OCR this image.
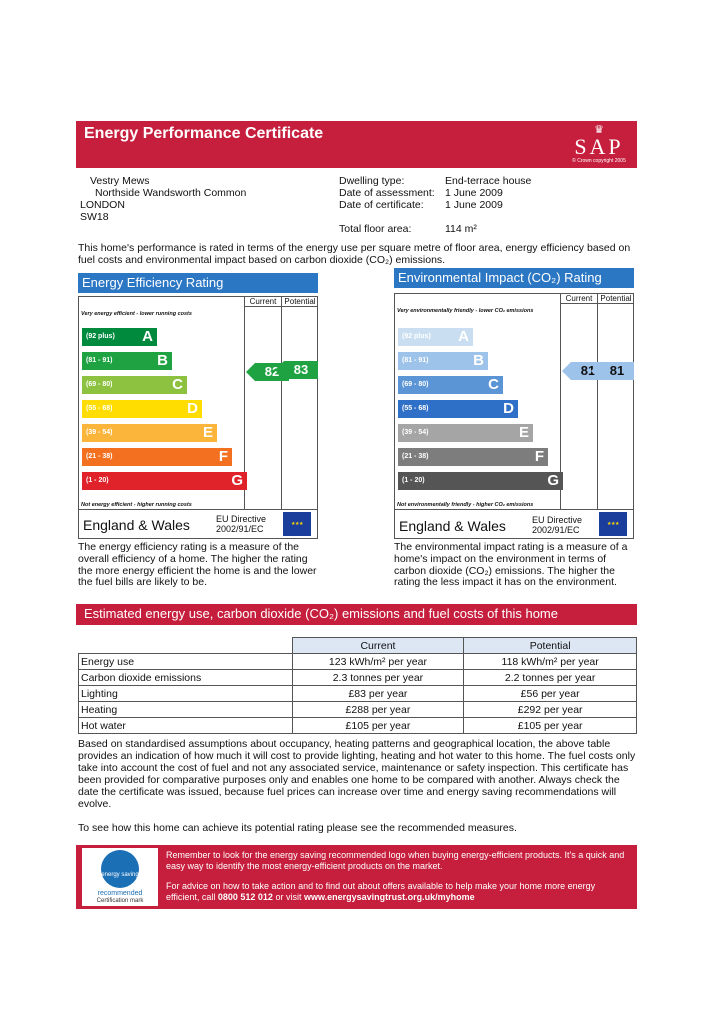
Energy Performance Certificate	♛
SAP
© Crown copyright 2005
Vestry Mews
Northside Wandsworth Common
LONDON
SW18
Dwelling type:	End-terrace house
Date of assessment: 1 June 2009
Date of certificate: 1 June 2009
Total floor area:	114 m²
This home's performance is rated in terms of the energy use per square metre of floor area, energy efficiency based on fuel costs and environmental impact based on carbon dioxide (CO₂) emissions.
Energy Efficiency Rating
Current	Potential
Very energy efficient - lower running costs
(92 plus) A
(81 - 91)	B
(69 - 80)	C
(55 - 68)	D
(39 - 54)	E
(21 - 38)	F
(1 - 20)	G
82	83
Not energy efficient - higher running costs
England & Wales	EU Directive
2002/91/EC	★★★
The energy efficiency rating is a measure of the overall efficiency of a home. The higher the rating the more energy efficient the home is and the lower the fuel bills are likely to be.
Environmental Impact (CO₂) Rating
Current	Potential
Very environmentally friendly - lower CO₂ emissions
(92 plus) A
(81 - 91)	B
(69 - 80)	C
(55 - 68)	D
(39 - 54)	E
(21 - 38)	F
(1 - 20)	G
81	81
Not environmentally friendly - higher CO₂ emissions
England & Wales	EU Directive
2002/91/EC
★★★
The environmental impact rating is a measure of a home's impact on the environment in terms of carbon dioxide (CO₂) emissions. The higher the rating the less impact it has on the environment.
Estimated energy use, carbon dioxide (CO₂) emissions and fuel costs of this home
	Current	Potential
Energy use	123 kWh/m² per year	118 kWh/m² per year
Carbon dioxide emissions	2.3 tonnes per year	2.2 tonnes per year
Lighting	£83 per year	£56 per year
Heating	£288 per year	£292 per year
Hot water	£105 per year	£105 per year
Based on standardised assumptions about occupancy, heating patterns and geographical location, the above table provides an indication of how much it will cost to provide lighting, heating and hot water to this home. The fuel costs only take into account the cost of fuel and not any associated service, maintenance or safety inspection. This certificate has been provided for comparative purposes only and enables one home to be compared with another. Always check the date the certificate was issued, because fuel prices can increase over time and energy saving recommendations will evolve.
To see how this home can achieve its potential rating please see the recommended measures.
energy saving
recommended
Certification mark
Remember to look for the energy saving recommended logo when buying energy-efficient products. It's a quick and easy way to identify the most energy-efficient products on the market.
For advice on how to take action and to find out about offers available to help make your home more energy efficient, call 0800 512 012 or visit www.energysavingtrust.org.uk/myhome
